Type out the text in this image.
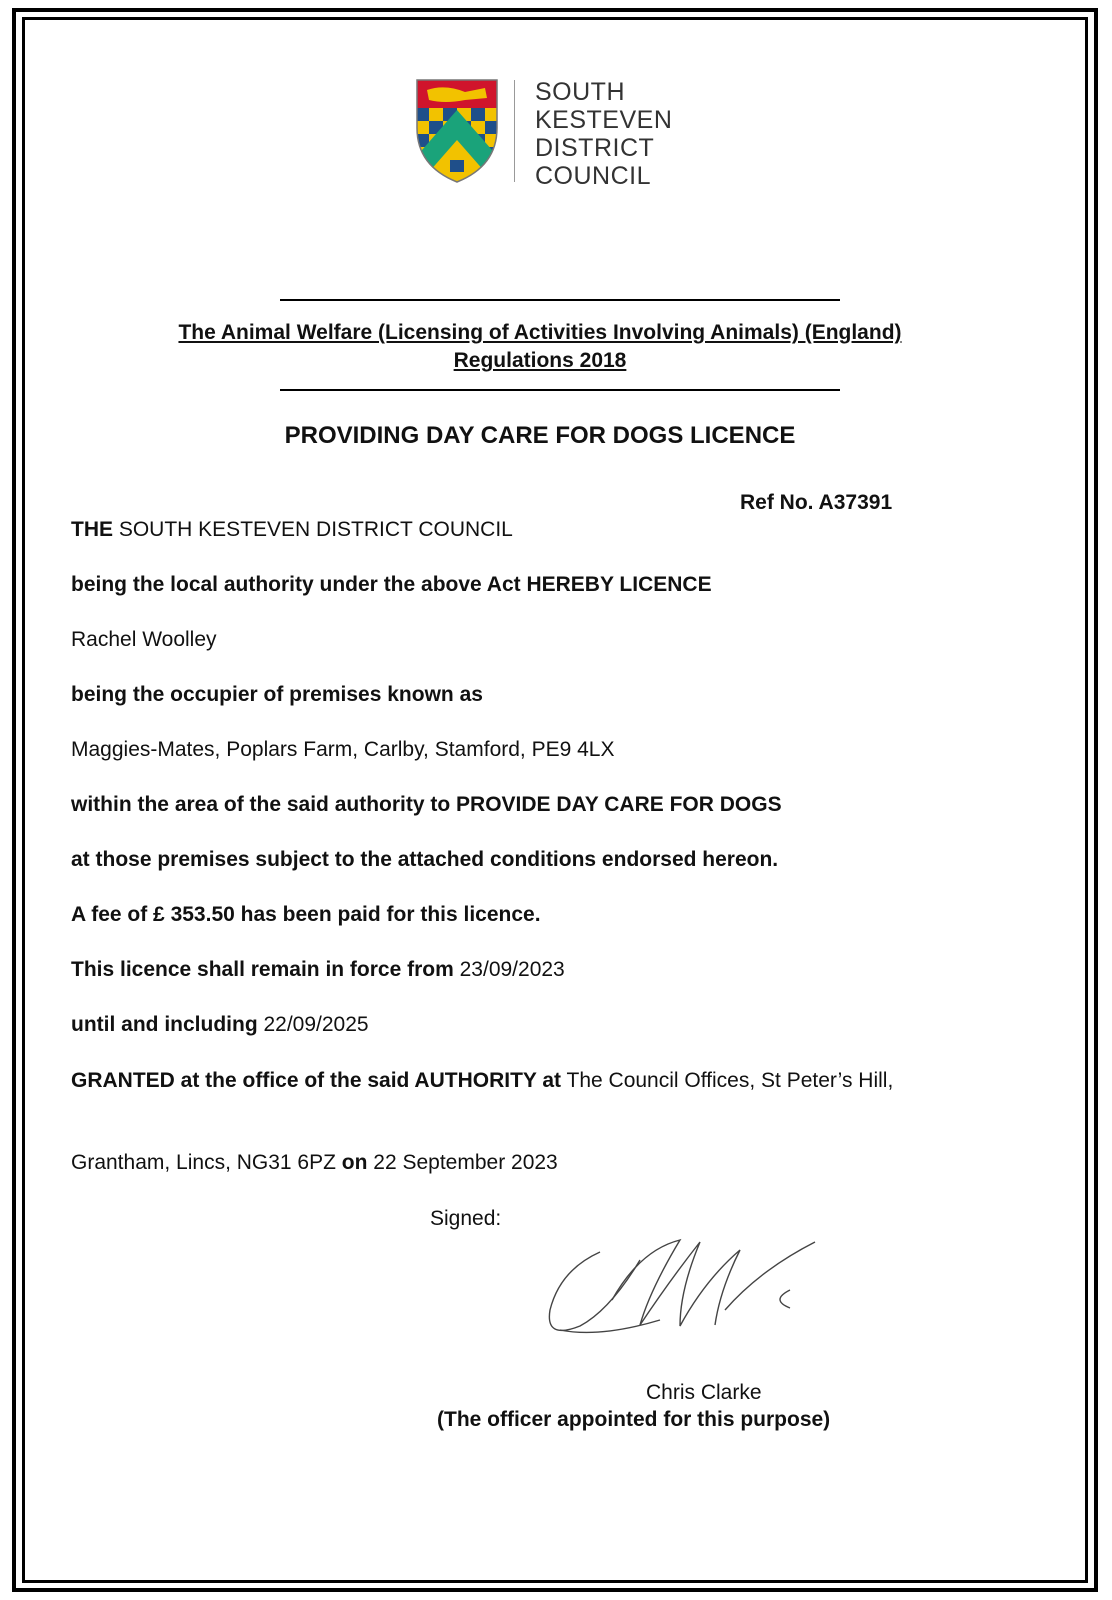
SOUTH
KESTEVEN
DISTRICT
COUNCIL
The Animal Welfare (Licensing of Activities Involving Animals) (England)
Regulations 2018
PROVIDING DAY CARE FOR DOGS LICENCE
Ref No. A37391
THE SOUTH KESTEVEN DISTRICT COUNCIL
being the local authority under the above Act HEREBY LICENCE
Rachel Woolley
being the occupier of premises known as
Maggies-Mates, Poplars Farm, Carlby, Stamford, PE9 4LX
within the area of the said authority to PROVIDE DAY CARE FOR DOGS
at those premises subject to the attached conditions endorsed hereon.
A fee of £ 353.50 has been paid for this licence.
This licence shall remain in force from 23/09/2023
until and including 22/09/2025
GRANTED at the office of the said AUTHORITY at The Council Offices, St Peter’s Hill,
Grantham, Lincs, NG31 6PZ on 22 September 2023
Signed:
Chris Clarke
(The officer appointed for this purpose)
